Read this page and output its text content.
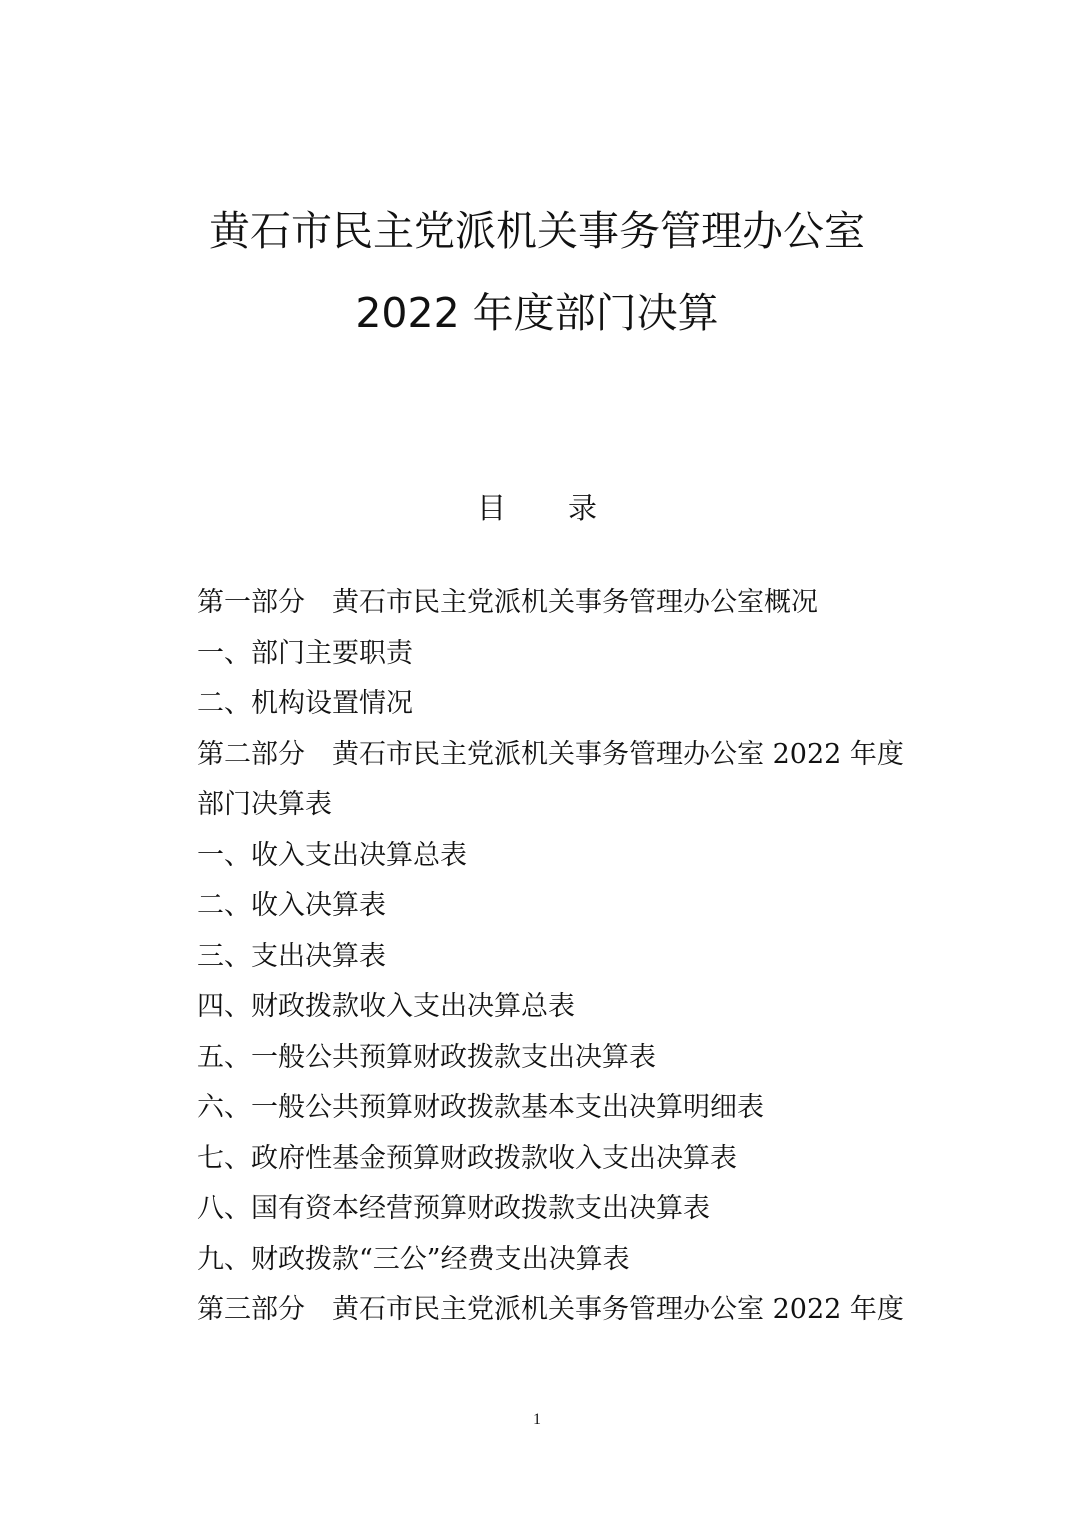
黄石市民主党派机关事务管理办公室
2022 年度部门决算
目 录
第一部分　黄石市民主党派机关事务管理办公室概况
一、部门主要职责
二、机构设置情况
第二部分　黄石市民主党派机关事务管理办公室 2022 年度
部门决算表
一、收入支出决算总表
二、收入决算表
三、支出决算表
四、财政拨款收入支出决算总表
五、一般公共预算财政拨款支出决算表
六、一般公共预算财政拨款基本支出决算明细表
七、政府性基金预算财政拨款收入支出决算表
八、国有资本经营预算财政拨款支出决算表
九、财政拨款“三公”经费支出决算表
第三部分　黄石市民主党派机关事务管理办公室 2022 年度
1
